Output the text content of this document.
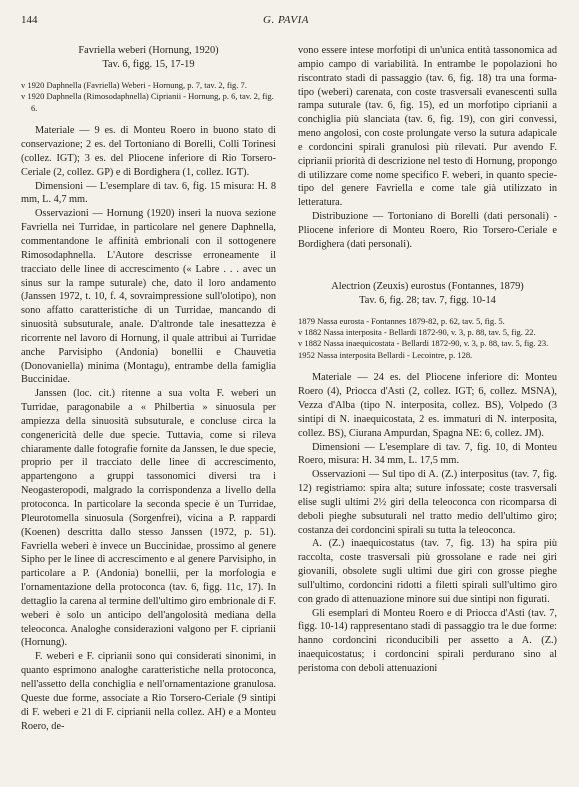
144	G. PAVIA
Favriella weberi (Hornung, 1920)
Tav. 6, figg. 15, 17-19

v 1920 Daphnella (Favriella) Weberi - Hornung, p. 7, tav. 2, fig. 7.

v 1920 Daphnella (Rimosodaphnella) Ciprianii - Hornung, p. 6, tav. 2, fig. 6.

Materiale — 9 es. di Monteu Roero in buono stato di conservazione; 2 es. del Tortoniano di Borelli, Colli Torinesi (collez. IGT); 3 es. del Pliocene inferiore di Rio Torsero-Ceriale (2, collez. GP) e di Bordighera (1, collez. IGT).

Dimensioni — L'esemplare di tav. 6, fig. 15 misura: H. 8 mm, L. 4,7 mm.

Osservazioni — Hornung (1920) inserì la nuova sezione Favriella nei Turridae, in particolare nel genere Daphnella, commentandone le affinità embrionali con il sottogenere Rimosodaphnella. L'Autore descrisse erroneamente il tracciato delle linee di accrescimento (« Labre . . . avec un sinus sur la rampe suturale) che, dato il loro andamento (Janssen 1972, t. 10, f. 4, sovraimpressione sull'olotipo), non sono affatto caratteristiche di un Turridae, mancando di sinuosità subsuturale, anale. D'altronde tale inesattezza è ricorrente nel lavoro di Hornung, il quale attribuì ai Turridae anche Parvisipho (Andonia) bonellii e Chauvetia (Donovaniella) minima (Montagu), entrambe della famiglia Buccinidae.

Janssen (loc. cit.) ritenne a sua volta F. weberi un Turridae, paragonabile a « Philbertia » sinuosula per ampiezza della sinuosità subsuturale, e concluse circa la congenericità delle due specie. Tuttavia, come si rileva chiaramente dalle fotografie fornite da Janssen, le due specie, proprio per il tracciato delle linee di accrescimento, appartengono a gruppi tassonomici diversi tra i Neogasteropodi, malgrado la corrispondenza a livello della protoconca. In particolare la seconda specie è un Turridae, Pleurotomella sinuosula (Sorgenfrei), vicina a P. rappardi (Koenen) descritta dallo stesso Janssen (1972, p. 51). Favriella weberi è invece un Buccinidae, prossimo al genere Sipho per le linee di accrescimento e al genere Parvisipho, in particolare a P. (Andonia) bonellii, per la morfologia e l'ornamentazione della protoconca (tav. 6, figg. 11c, 17). In dettaglio la carena al termine dell'ultimo giro embrionale di F. weberi è solo un anticipo dell'angolosità mediana della teleoconca. Analoghe considerazioni valgono per F. ciprianii (Hornung).

F. weberi e F. ciprianii sono qui considerati sinonimi, in quanto esprimono analoghe caratteristiche nella protoconca, nell'assetto della conchiglia e nell'ornamentazione granulosa. Queste due forme, associate a Rio Torsero-Ceriale (9 sintipi di F. weberi e 21 di F. ciprianii nella collez. AH) e a Monteu Roero, de-

vono essere intese morfotipi di un'unica entità tassonomica ad ampio campo di variabilità. In entrambe le popolazioni ho riscontrato stadi di passaggio (tav. 6, fig. 18) tra una forma-tipo (weberi) carenata, con coste trasversali evanescenti sulla rampa suturale (tav. 6, fig. 15), ed un morfotipo ciprianii a conchiglia più slanciata (tav. 6, fig. 19), con giri convessi, meno angolosi, con coste prolungate verso la sutura adapicale e cordoncini spirali granulosi più rilevati. Pur avendo F. ciprianii priorità di descrizione nel testo di Hornung, propongo di utilizzare come nome specifico F. weberi, in quanto specie-tipo del genere Favriella e come tale già utilizzato in letteratura.

Distribuzione — Tortoniano di Borelli (dati personali) - Pliocene inferiore di Monteu Roero, Rio Torsero-Ceriale e Bordighera (dati personali).

Alectrion (Zeuxis) eurostus (Fontannes, 1879)
Tav. 6, fig. 28; tav. 7, figg. 10-14

1879 Nassa eurosta - Fontannes 1879-82, p. 62, tav. 5, fig. 5.

v 1882 Nassa interposita - Bellardi 1872-90, v. 3, p. 88, tav. 5, fig. 22.

v 1882 Nassa inaequicostata - Bellardi 1872-90, v. 3, p. 88, tav. 5, fig. 23.

1952 Nassa interposita Bellardi - Lecointre, p. 128.

Materiale — 24 es. del Pliocene inferiore di: Monteu Roero (4), Priocca d'Asti (2, collez. IGT; 6, collez. MSNA), Vezza d'Alba (tipo N. interposita, collez. BS), Volpedo (3 sintipi di N. inaequicostata, 2 es. immaturi di N. interposita, collez. BS), Ciurana Ampurdan, Spagna NE: 6, collez. JM).

Dimensioni — L'esemplare di tav. 7, fig. 10, di Monteu Roero, misura: H. 34 mm, L. 17,5 mm.

Osservazioni — Sul tipo di A. (Z.) interpositus (tav. 7, fig. 12) registriamo: spira alta; suture infossate; coste trasversali elise sugli ultimi 2½ giri della teleoconca con ricomparsa di deboli pieghe subsuturali nel tratto medio dell'ultimo giro; costanza dei cordoncini spirali su tutta la teleoconca.

A. (Z.) inaequicostatus (tav. 7, fig. 13) ha spira più raccolta, coste trasversali più grossolane e rade nei giri giovanili, obsolete sugli ultimi due giri con grosse pieghe sull'ultimo, cordoncini ridotti a filetti spirali sull'ultimo giro con grado di attenuazione minore sui due sintipi non figurati.

Gli esemplari di Monteu Roero e di Priocca d'Asti (tav. 7, figg. 10-14) rappresentano stadi di passaggio tra le due forme: hanno cordoncini riconducibili per assetto a A. (Z.) inaequicostatus; i cordoncini spirali perdurano sino al peristoma con deboli attenuazioni
